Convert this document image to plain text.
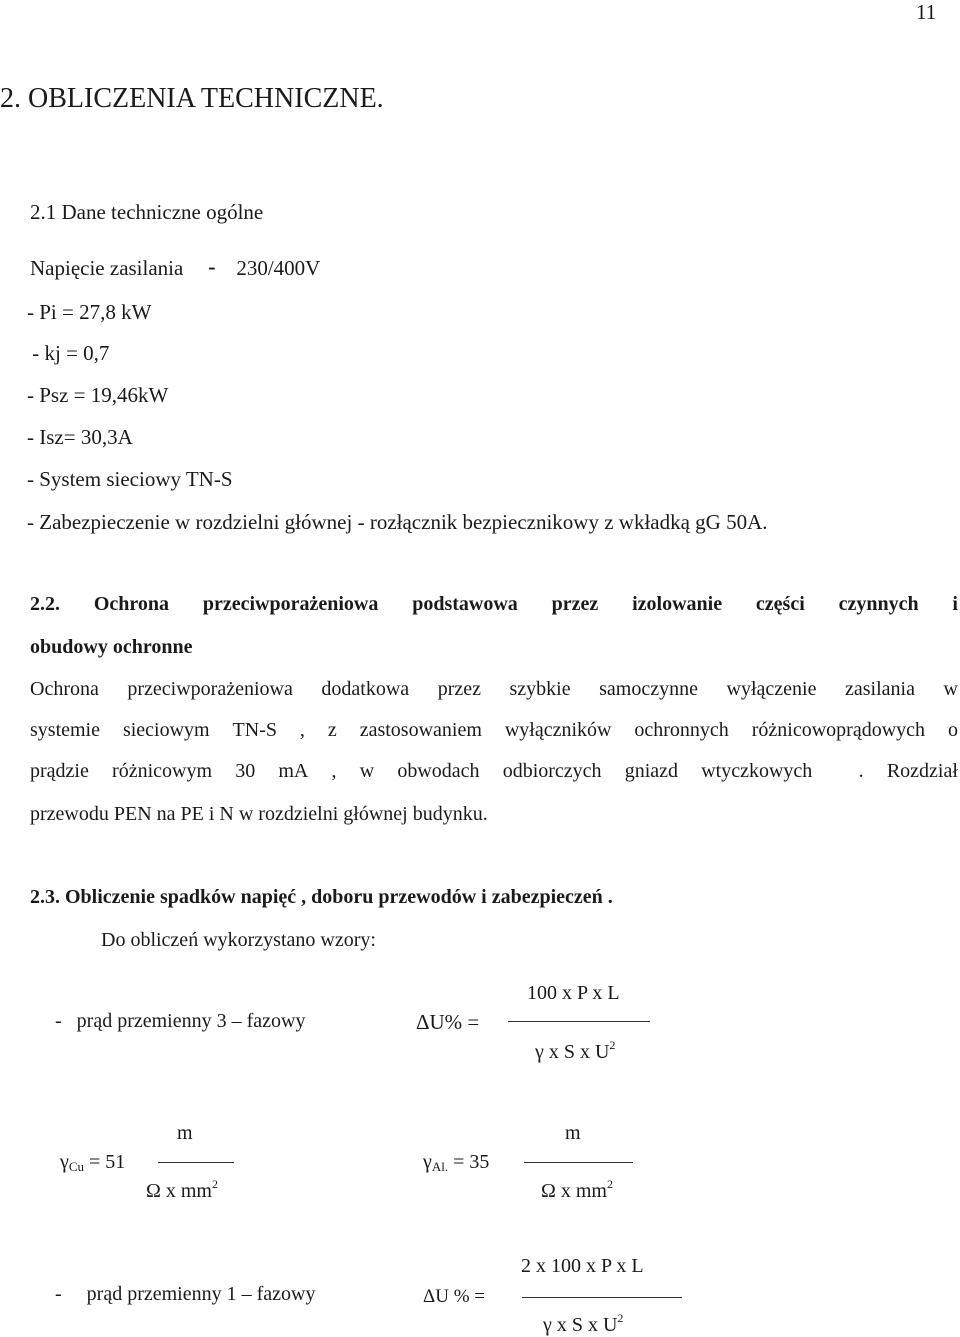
11
2. OBLICZENIA TECHNICZNE.
2.1 Dane techniczne ogólne
Napięcie zasilania - 230/400V
- Pi = 27,8 kW
- kj = 0,7
- Psz = 19,46kW
- Isz= 30,3A
- System sieciowy TN-S
- Zabezpieczenie w rozdzielni głównej - rozłącznik bezpiecznikowy z wkładką gG 50A.
2.2. Ochrona przeciwporażeniowa podstawowa przez izolowanie części czynnych i
obudowy ochronne
Ochrona przeciwporażeniowa dodatkowa przez szybkie samoczynne wyłączenie zasilania w
systemie sieciowym TN-S , z zastosowaniem wyłączników ochronnych różnicowoprądowych o
prądzie różnicowym 30 mA , w obwodach odbiorczych gniazd wtyczkowych . Rozdział
przewodu PEN na PE i N w rozdzielni głównej budynku.
2.3. Obliczenie spadków napięć , doboru przewodów i zabezpieczeń .
Do obliczeń wykorzystano wzory:
-   prąd przemienny 3 – fazowy	ΔU% =
100 x P x L
γ x S x $U^2$
m
$\gamma_{Cu} = 51$
Ω x $mm^2$
m
$\gamma_{Al.} = 35$
Ω x $mm^2$
-     prąd przemienny 1 – fazowy	ΔU % =
2 x 100 x P x L
γ x S x $U^2$
